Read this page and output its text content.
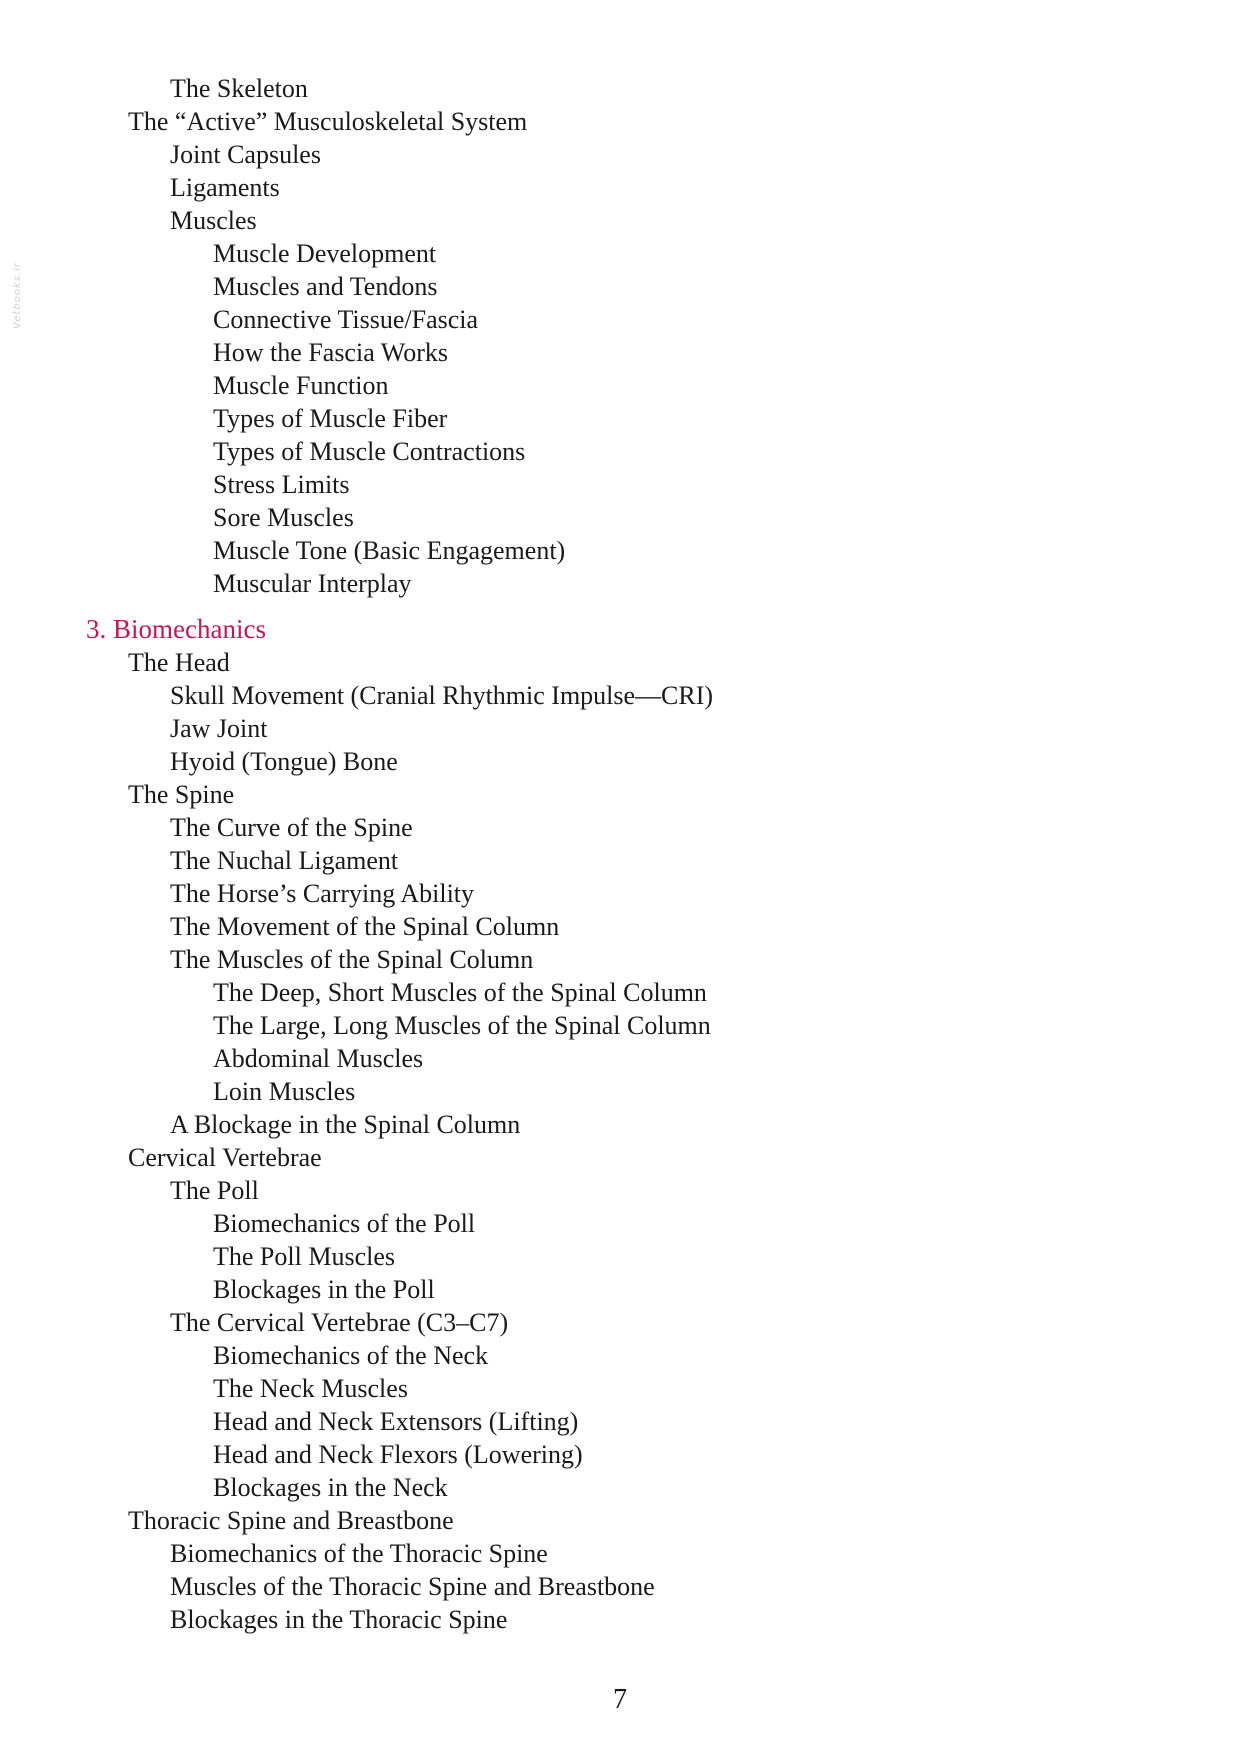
Vetbooks.ir
The Skeleton
The “Active” Musculoskeletal System
Joint Capsules
Ligaments
Muscles
Muscle Development
Muscles and Tendons
Connective Tissue/Fascia
How the Fascia Works
Muscle Function
Types of Muscle Fiber
Types of Muscle Contractions
Stress Limits
Sore Muscles
Muscle Tone (Basic Engagement)
Muscular Interplay
3. Biomechanics
The Head
Skull Movement (Cranial Rhythmic Impulse—CRI)
Jaw Joint
Hyoid (Tongue) Bone
The Spine
The Curve of the Spine
The Nuchal Ligament
The Horse’s Carrying Ability
The Movement of the Spinal Column
The Muscles of the Spinal Column
The Deep, Short Muscles of the Spinal Column
The Large, Long Muscles of the Spinal Column
Abdominal Muscles
Loin Muscles
A Blockage in the Spinal Column
Cervical Vertebrae
The Poll
Biomechanics of the Poll
The Poll Muscles
Blockages in the Poll
The Cervical Vertebrae (C3–C7)
Biomechanics of the Neck
The Neck Muscles
Head and Neck Extensors (Lifting)
Head and Neck Flexors (Lowering)
Blockages in the Neck
Thoracic Spine and Breastbone
Biomechanics of the Thoracic Spine
Muscles of the Thoracic Spine and Breastbone
Blockages in the Thoracic Spine
7
